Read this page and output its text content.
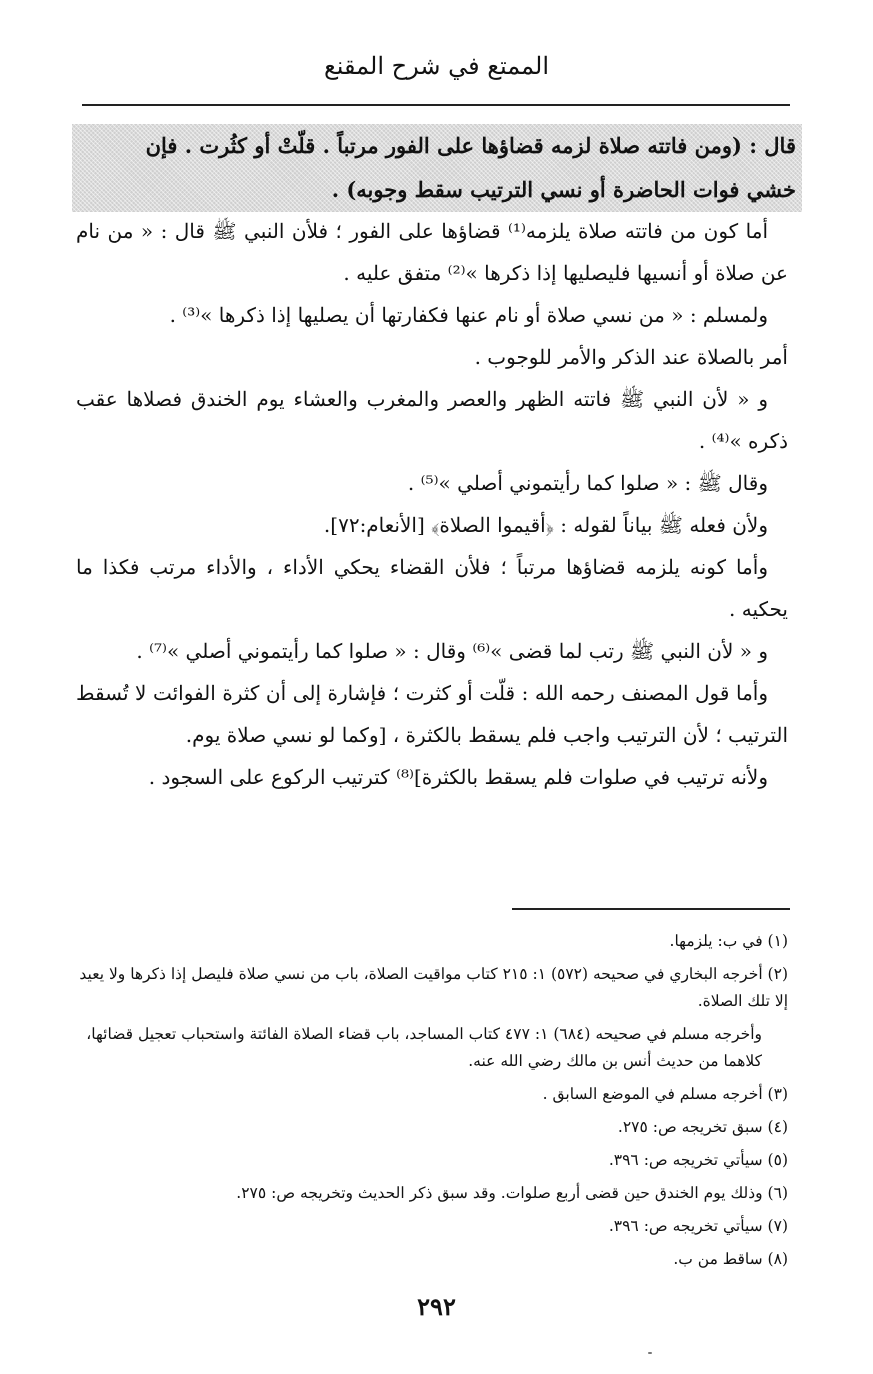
الممتع في شرح المقنع

قال : (ومن فاتته صلاة لزمه قضاؤها على الفور مرتباً . قلّتْ أو كثُرت . فإن

خشي فوات الحاضرة أو نسي الترتيب سقط وجوبه) .

أما كون من فاتته صلاة يلزمه⁽¹⁾ قضاؤها على الفور ؛ فلأن النبي ﷺ قال : « من نام عن صلاة أو أنسيها فليصليها إذا ذكرها »⁽²⁾ متفق عليه .

ولمسلم : « من نسي صلاة أو نام عنها فكفارتها أن يصليها إذا ذكرها »⁽³⁾ .

أمر بالصلاة عند الذكر والأمر للوجوب .

و « لأن النبي ﷺ فاتته الظهر والعصر والمغرب والعشاء يوم الخندق فصلاها عقب ذكره »⁽⁴⁾ .

وقال ﷺ : « صلوا كما رأيتموني أصلي »⁽⁵⁾ .

ولأن فعله ﷺ بياناً لقوله : ﴿أقيموا الصلاة﴾ [الأنعام:٧٢].

وأما كونه يلزمه قضاؤها مرتباً ؛ فلأن القضاء يحكي الأداء ، والأداء مرتب فكذا ما يحكيه .

و « لأن النبي ﷺ رتب لما قضى »⁽⁶⁾ وقال : « صلوا كما رأيتموني أصلي »⁽⁷⁾ .

وأما قول المصنف رحمه الله : قلّت أو كثرت ؛ فإشارة إلى أن كثرة الفوائت لا تُسقط الترتيب ؛ لأن الترتيب واجب فلم يسقط بالكثرة ، [وكما لو نسي صلاة يوم.

ولأنه ترتيب في صلوات فلم يسقط بالكثرة]⁽⁸⁾ كترتيب الركوع على السجود .

(١) في ب: يلزمها.

(٢) أخرجه البخاري في صحيحه (٥٧٢) ١: ٢١٥ كتاب مواقيت الصلاة، باب من نسي صلاة فليصل إذا ذكرها ولا يعيد إلا تلك الصلاة.

وأخرجه مسلم في صحيحه (٦٨٤) ١: ٤٧٧ كتاب المساجد، باب قضاء الصلاة الفائتة واستحباب تعجيل قضائها، كلاهما من حديث أنس بن مالك رضي الله عنه.

(٣) أخرجه مسلم في الموضع السابق .

(٤) سبق تخريجه ص: ٢٧٥.

(٥) سيأتي تخريجه ص: ٣٩٦.

(٦) وذلك يوم الخندق حين قضى أربع صلوات. وقد سبق ذكر الحديث وتخريجه ص: ٢٧٥.

(٧) سيأتي تخريجه ص: ٣٩٦.

(٨) ساقط من ب.

٢٩٢
